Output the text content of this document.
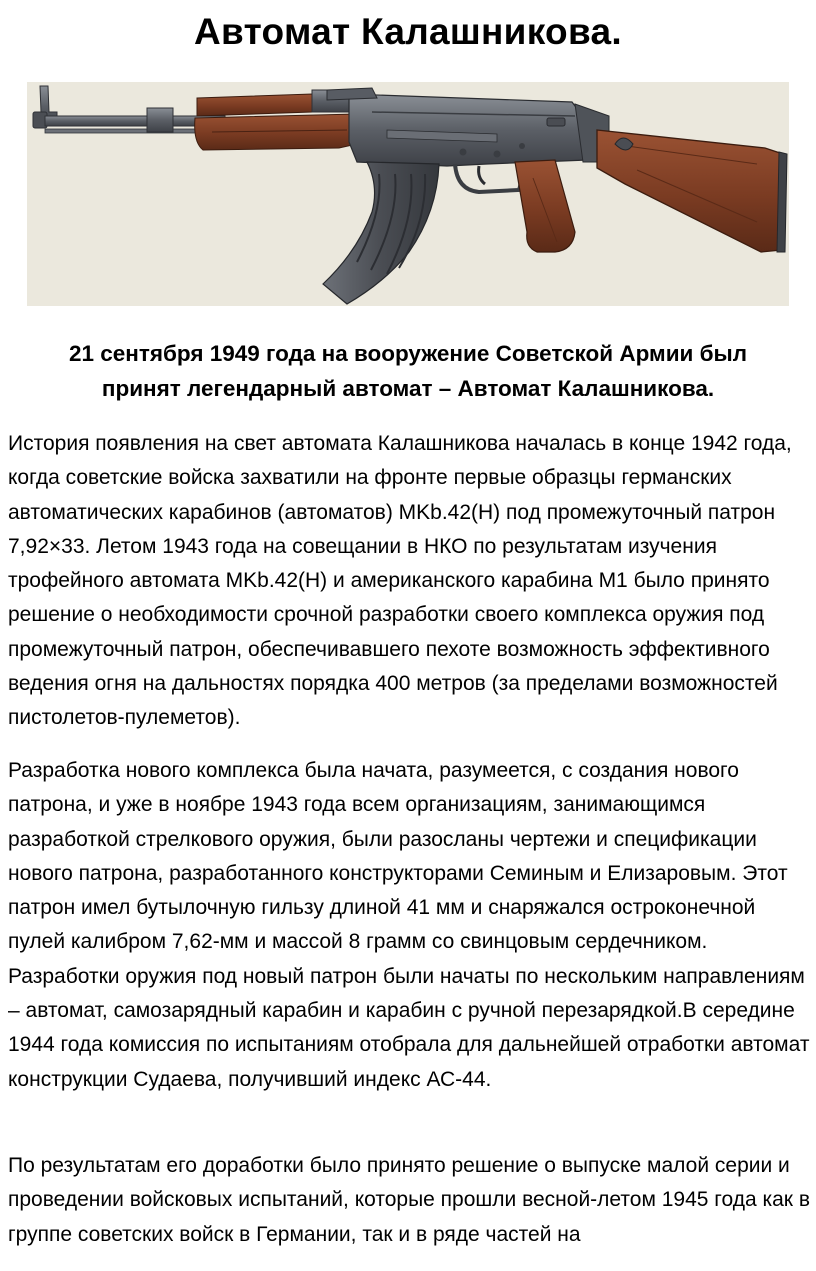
Автомат Калашникова.
21 сентября 1949 года на вооружение Советской Армии был
принят легендарный автомат – Автомат Калашникова.

История появления на свет автомата Калашникова началась в конце 1942 года, когда советские войска захватили на фронте первые образцы германских автоматических карабинов (автоматов) MKb.42(H) под промежуточный патрон 7,92×33. Летом 1943 года на совещании в НКО по результатам изучения трофейного автомата MKb.42(H) и американского карабина M1 было принято решение о необходимости срочной разработки своего комплекса оружия под промежуточный патрон, обеспечивавшего пехоте возможность эффективного ведения огня на дальностях порядка 400 метров (за пределами возможностей пистолетов-пулеметов).

Разработка нового комплекса была начата, разумеется, с создания нового патрона, и уже в ноябре 1943 года всем организациям, занимающимся разработкой стрелкового оружия, были разосланы чертежи и спецификации нового патрона, разработанного конструкторами Семиным и Елизаровым. Этот патрон имел бутылочную гильзу длиной 41 мм и снаряжался остроконечной пулей калибром 7,62-мм и массой 8 грамм со свинцовым сердечником. Разработки оружия под новый патрон были начаты по нескольким направлениям – автомат, самозарядный карабин и карабин с ручной перезарядкой.В середине 1944 года комиссия по испытаниям отобрала для дальнейшей отработки автомат конструкции Судаева, получивший индекс АС-44.

По результатам его доработки было принято решение о выпуске малой серии и проведении войсковых испытаний, которые прошли весной-летом 1945 года как в группе советских войск в Германии, так и в ряде частей на
